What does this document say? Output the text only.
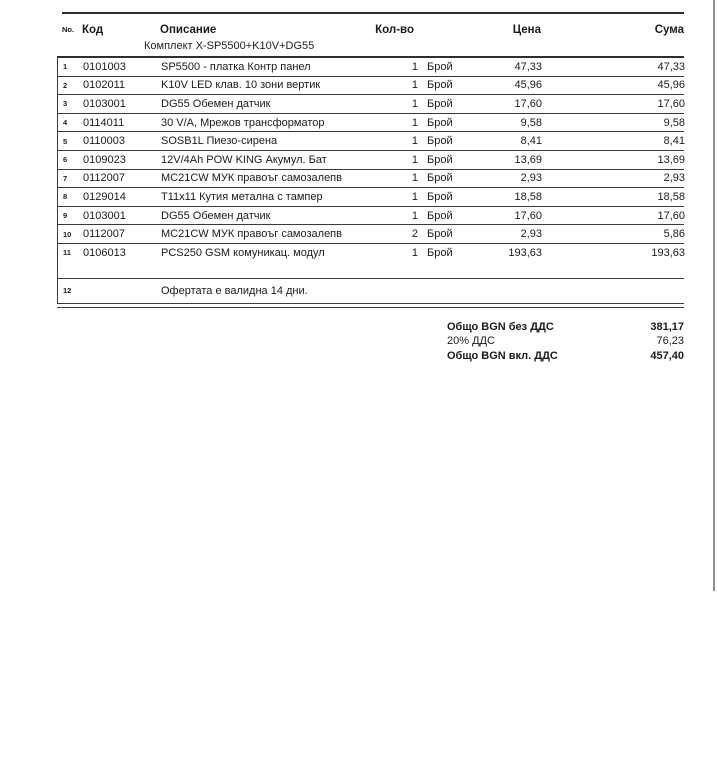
No. Код	Описание	Кол-во	Цена	Сума
Комплект X-SP5500+K10V+DG55
1	0101003	SP5500 - платка Контр панел	1 Брой	47,33	47,33
2	0102011	K10V LED клав. 10 зони вертик	1 Брой	45,96	45,96
3	0103001	DG55 Обемен датчик	1 Брой	17,60	17,60
4	0114011	30 V/A, Мрежов трансформатор	1 Брой	9,58	9,58
5	0110003	SOSB1L Пиезо-сирена	1 Брой	8,41	8,41
6	0109023	12V/4Ah POW KING Акумул. Бат	1 Брой	13,69	13,69
7	0112007	MC21CW МУК правоъг самозалепв	1 Брой	2,93	2,93
8	0129014	Т11x11 Кутия метална с тампер	1 Брой	18,58	18,58
9	0103001	DG55 Обемен датчик	1 Брой	17,60	17,60
10	0112007	MC21CW МУК правоъг самозалепв	2 Брой	2,93	5,86
11	0106013	PCS250 GSM комуникац. модул	1 Брой	193,63	193,63
12	Офертата е валидна 14 дни.
Общо BGN без ДДС	381,17
20% ДДС	76,23
Общо BGN вкл. ДДС	457,40
